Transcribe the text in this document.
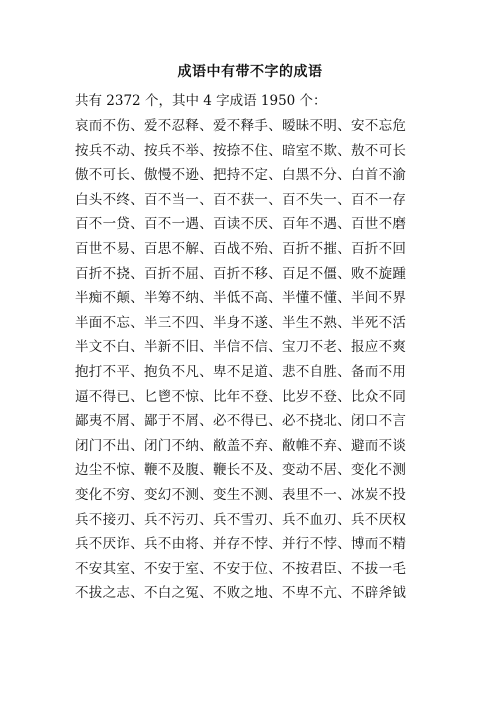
成语中有带不字的成语
共有 2372 个，其中 4 字成语 1950 个：
哀而不伤、爱不忍释、爱不释手、暧昧不明、安不忘危
按兵不动、按兵不举、按捺不住、暗室不欺、敖不可长
傲不可长、傲慢不逊、把持不定、白黑不分、白首不渝
白头不终、百不当一、百不获一、百不失一、百不一存
百不一贷、百不一遇、百读不厌、百年不遇、百世不磨
百世不易、百思不解、百战不殆、百折不摧、百折不回
百折不挠、百折不屈、百折不移、百足不僵、败不旋踵
半痴不颠、半筹不纳、半低不高、半懂不懂、半间不界
半面不忘、半三不四、半身不遂、半生不熟、半死不活
半文不白、半新不旧、半信不信、宝刀不老、报应不爽
抱打不平、抱负不凡、卑不足道、悲不自胜、备而不用
逼不得已、匕鬯不惊、比年不登、比岁不登、比众不同
鄙夷不屑、鄙于不屑、必不得已、必不挠北、闭口不言
闭门不出、闭门不纳、敝盖不弃、敝帷不弃、避而不谈
边尘不惊、鞭不及腹、鞭长不及、变动不居、变化不测
变化不穷、变幻不测、变生不测、表里不一、冰炭不投
兵不接刃、兵不污刃、兵不雪刃、兵不血刃、兵不厌权
兵不厌诈、兵不由将、并存不悖、并行不悖、博而不精
不安其室、不安于室、不安于位、不按君臣、不拔一毛
不拔之志、不白之冤、不败之地、不卑不亢、不辟斧钺
